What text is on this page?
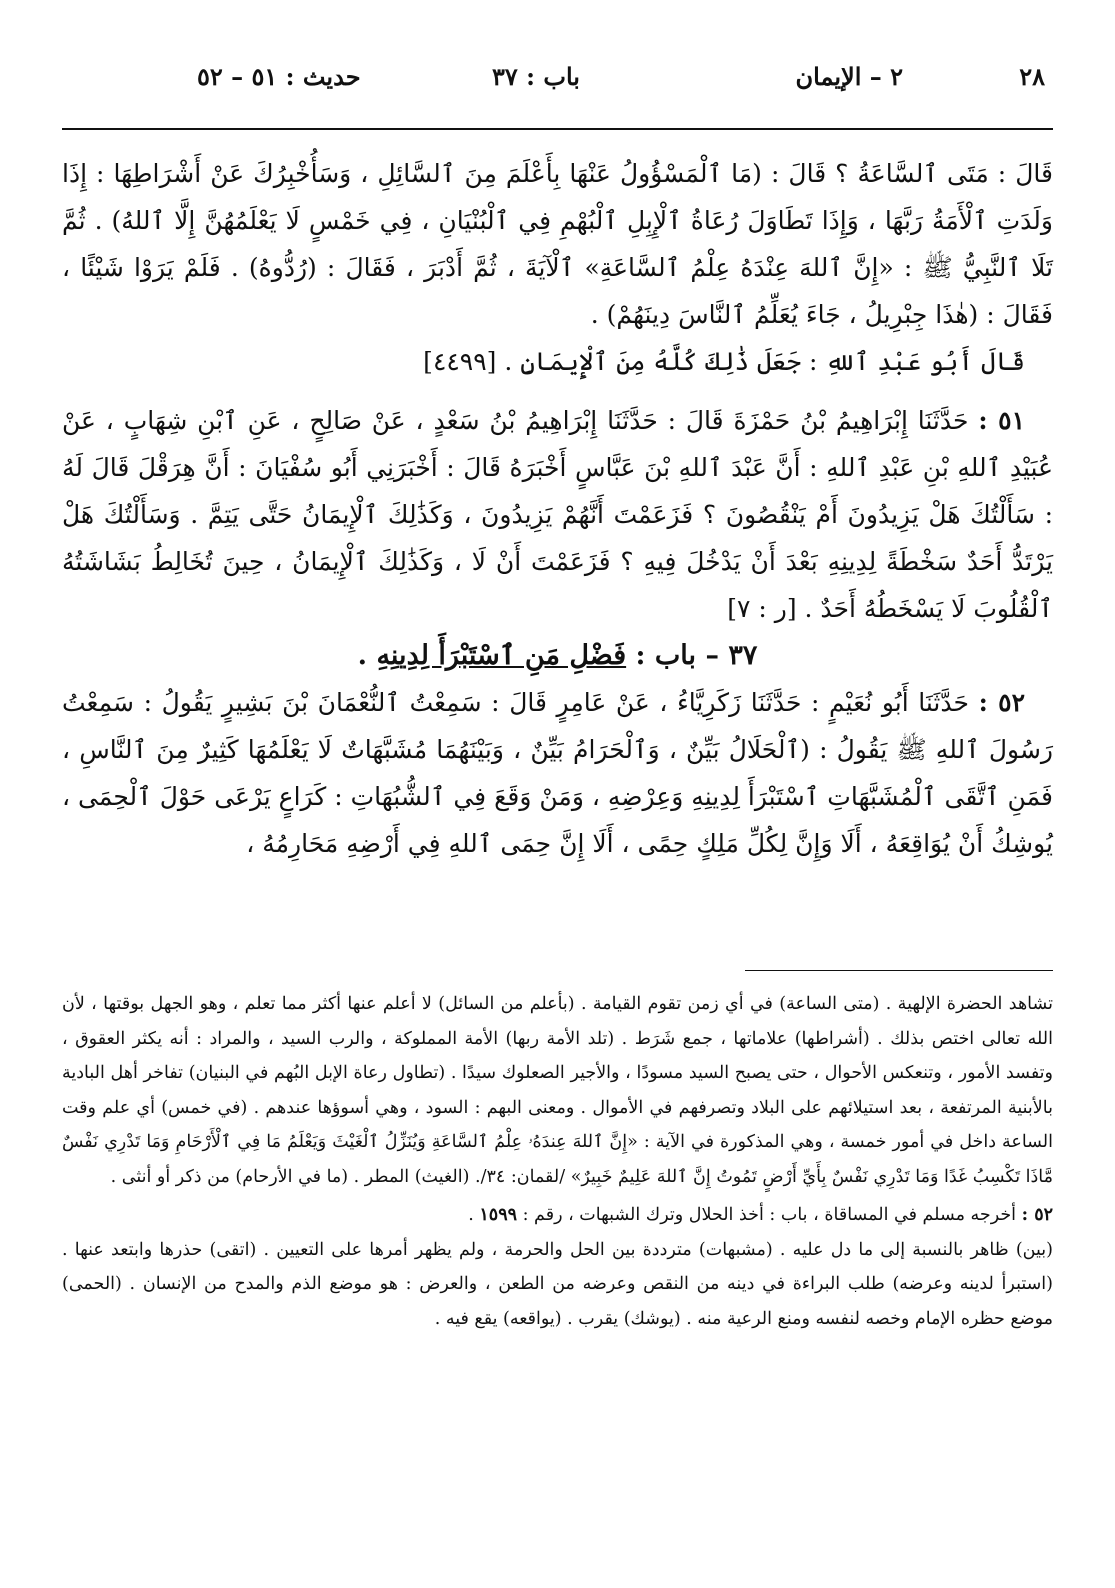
٢٨
٢ – الإيمان
باب : ٣٧
حديث : ٥١ – ٥٢

قَالَ : مَتَى ٱلسَّاعَةُ ؟ قَالَ : (مَا ٱلْمَسْؤُولُ عَنْهَا بِأَعْلَمَ مِنَ ٱلسَّائِلِ ، وَسَأُخْبِرُكَ عَنْ أَشْرَاطِهَا : إِذَا وَلَدَتِ ٱلْأَمَةُ رَبَّهَا ، وَإِذَا تَطَاوَلَ رُعَاةُ ٱلْإِبِلِ ٱلْبُهْمِ فِي ٱلْبُنْيَانِ ، فِي خَمْسٍ لَا يَعْلَمُهُنَّ إِلَّا ٱللهُ) . ثُمَّ تَلَا ٱلنَّبِيُّ ﷺ : «إِنَّ ٱللهَ عِنْدَهُ عِلْمُ ٱلسَّاعَةِ» ٱلْآيَةَ ، ثُمَّ أَدْبَرَ ، فَقَالَ : (رُدُّوهُ) . فَلَمْ يَرَوْا شَيْئًا ، فَقَالَ : (هٰذَا جِبْرِيلُ ، جَاءَ يُعَلِّمُ ٱلنَّاسَ دِينَهُمْ) .

قَالَ أَبُو عَبْدِ ٱللهِ : جَعَلَ ذَٰلِكَ كُلَّهُ مِنَ ٱلْإِيمَانِ . [٤٤٩٩]

٥١ : حَدَّثَنَا إِبْرَاهِيمُ بْنُ حَمْزَةَ قَالَ : حَدَّثَنَا إِبْرَاهِيمُ بْنُ سَعْدٍ ، عَنْ صَالِحٍ ، عَنِ ٱبْنِ شِهَابٍ ، عَنْ عُبَيْدِ ٱللهِ بْنِ عَبْدِ ٱللهِ : أَنَّ عَبْدَ ٱللهِ بْنَ عَبَّاسٍ أَخْبَرَهُ قَالَ : أَخْبَرَنِي أَبُو سُفْيَانَ : أَنَّ هِرَقْلَ قَالَ لَهُ : سَأَلْتُكَ هَلْ يَزِيدُونَ أَمْ يَنْقُصُونَ ؟ فَزَعَمْتَ أَنَّهُمْ يَزِيدُونَ ، وَكَذَٰلِكَ ٱلْإِيمَانُ حَتَّى يَتِمَّ . وَسَأَلْتُكَ هَلْ يَرْتَدُّ أَحَدٌ سَخْطَةً لِدِينِهِ بَعْدَ أَنْ يَدْخُلَ فِيهِ ؟ فَزَعَمْتَ أَنْ لَا ، وَكَذَٰلِكَ ٱلْإِيمَانُ ، حِينَ تُخَالِطُ بَشَاشَتُهُ ٱلْقُلُوبَ لَا يَسْخَطُهُ أَحَدٌ . [ر : ٧]

٣٧ – باب : فَضْلِ مَنِ ٱسْتَبْرَأَ لِدِينِهِ .

٥٢ : حَدَّثَنَا أَبُو نُعَيْمٍ : حَدَّثَنَا زَكَرِيَّاءُ ، عَنْ عَامِرٍ قَالَ : سَمِعْتُ ٱلنُّعْمَانَ بْنَ بَشِيرٍ يَقُولُ : سَمِعْتُ رَسُولَ ٱللهِ ﷺ يَقُولُ : (ٱلْحَلَالُ بَيِّنٌ ، وَٱلْحَرَامُ بَيِّنٌ ، وَبَيْنَهُمَا مُشَبَّهَاتٌ لَا يَعْلَمُهَا كَثِيرٌ مِنَ ٱلنَّاسِ ، فَمَنِ ٱتَّقَى ٱلْمُشَبَّهَاتِ ٱسْتَبْرَأَ لِدِينِهِ وَعِرْضِهِ ، وَمَنْ وَقَعَ فِي ٱلشُّبُهَاتِ : كَرَاعٍ يَرْعَى حَوْلَ ٱلْحِمَى ، يُوشِكُ أَنْ يُوَاقِعَهُ ، أَلَا وَإِنَّ لِكُلِّ مَلِكٍ حِمًى ، أَلَا إِنَّ حِمَى ٱللهِ فِي أَرْضِهِ مَحَارِمُهُ ،

تشاهد الحضرة الإلهية . (متى الساعة) في أي زمن تقوم القيامة . (بأعلم من السائل) لا أعلم عنها أكثر مما تعلم ، وهو الجهل بوقتها ، لأن الله تعالى اختص بذلك . (أشراطها) علاماتها ، جمع شَرَط . (تلد الأمة ربها) الأمة المملوكة ، والرب السيد ، والمراد : أنه يكثر العقوق ، وتفسد الأمور ، وتنعكس الأحوال ، حتى يصبح السيد مسودًا ، والأجير الصعلوك سيدًا . (تطاول رعاة الإبل البُهم في البنيان) تفاخر أهل البادية بالأبنية المرتفعة ، بعد استيلائهم على البلاد وتصرفهم في الأموال . ومعنى البهم : السود ، وهي أسوؤها عندهم . (في خمس) أي علم وقت الساعة داخل في أمور خمسة ، وهي المذكورة في الآية : «إِنَّ ٱللهَ عِندَهُۥ عِلْمُ ٱلسَّاعَةِ وَيُنَزِّلُ ٱلْغَيْثَ وَيَعْلَمُ مَا فِي ٱلْأَرْحَامِ وَمَا تَدْرِي نَفْسٌ مَّاذَا تَكْسِبُ غَدًا وَمَا تَدْرِي نَفْسٌ بِأَيِّ أَرْضٍ تَمُوتُ إِنَّ ٱللهَ عَلِيمٌ خَبِيرٌ» /لقمان: ٣٤/. (الغيث) المطر . (ما في الأرحام) من ذكر أو أنثى .

٥٢ : أخرجه مسلم في المساقاة ، باب : أخذ الحلال وترك الشبهات ، رقم : ١٥٩٩ .

(بين) ظاهر بالنسبة إلى ما دل عليه . (مشبهات) مترددة بين الحل والحرمة ، ولم يظهر أمرها على التعيين . (اتقى) حذرها وابتعد عنها . (استبرأ لدينه وعرضه) طلب البراءة في دينه من النقص وعرضه من الطعن ، والعرض : هو موضع الذم والمدح من الإنسان . (الحمى) موضع حظره الإمام وخصه لنفسه ومنع الرعية منه . (يوشك) يقرب . (يواقعه) يقع فيه .
